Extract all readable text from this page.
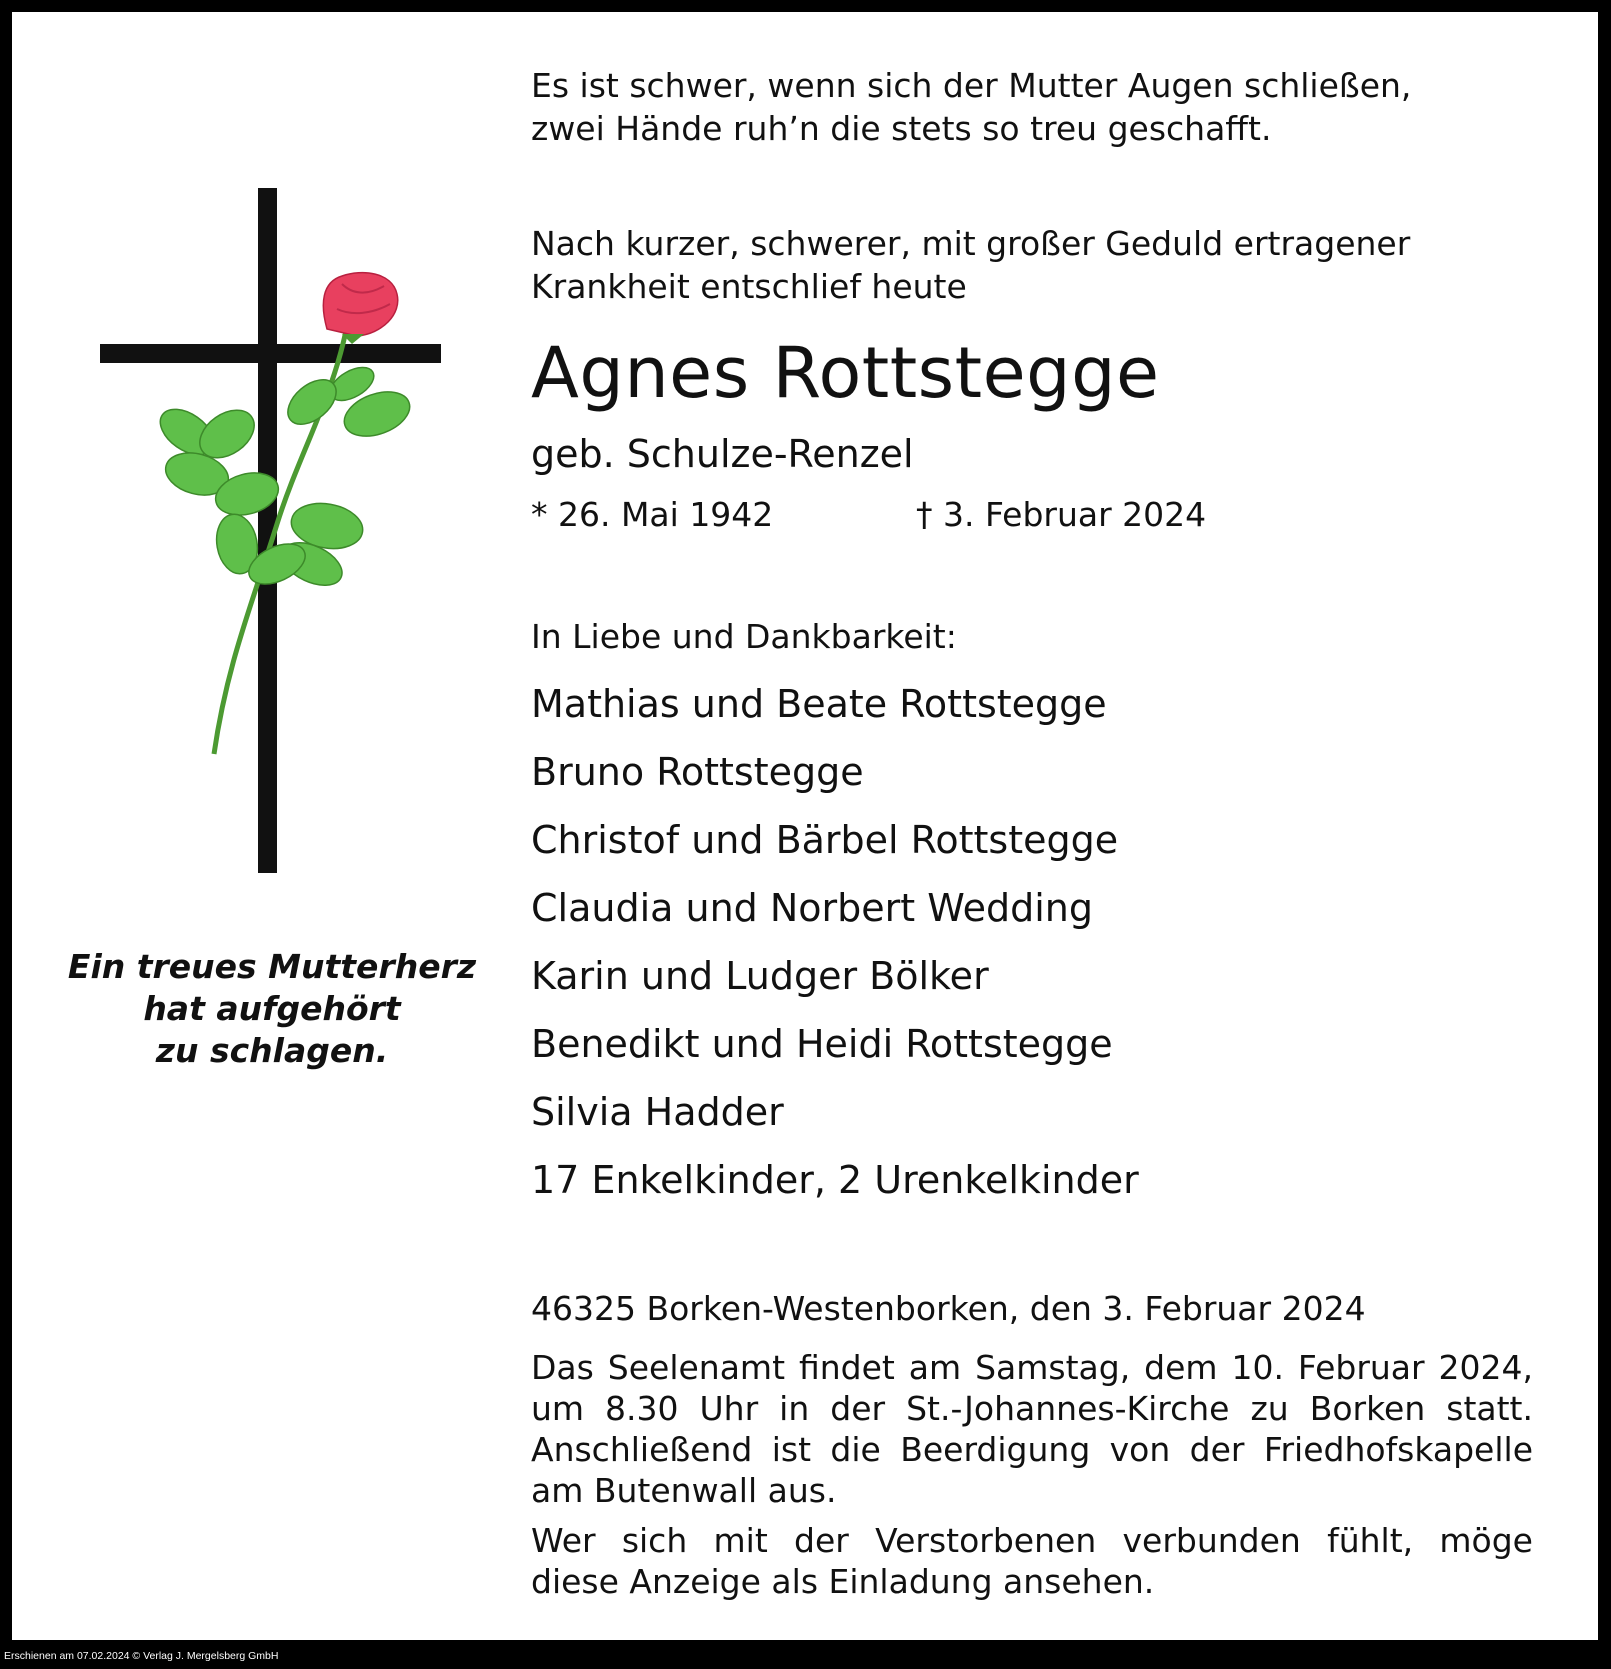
Ein treues Mutterherz
hat aufgehört
zu schlagen.
Es ist schwer, wenn sich der Mutter Augen schließen,
zwei Hände ruh’n die stets so treu geschafft.
Nach kurzer, schwerer, mit großer Geduld ertragener
Krankheit entschlief heute
Agnes Rottstegge
geb. Schulze-Renzel
* 26. Mai 1942	† 3. Februar 2024
In Liebe und Dankbarkeit:
Mathias und Beate Rottstegge
Bruno Rottstegge
Christof und Bärbel Rottstegge
Claudia und Norbert Wedding
Karin und Ludger Bölker
Benedikt und Heidi Rottstegge
Silvia Hadder
17 Enkelkinder, 2 Urenkelkinder
46325 Borken-Westenborken, den 3. Februar 2024
Das Seelenamt findet am Samstag, dem 10. Februar 2024,
um 8.30 Uhr in der St.-Johannes-Kirche zu Borken statt.
Anschließend ist die Beerdigung von der Friedhofskapelle
am Butenwall aus.
Wer sich mit der Verstorbenen verbunden fühlt, möge
diese Anzeige als Einladung ansehen.
Erschienen am 07.02.2024 © Verlag J. Mergelsberg GmbH
